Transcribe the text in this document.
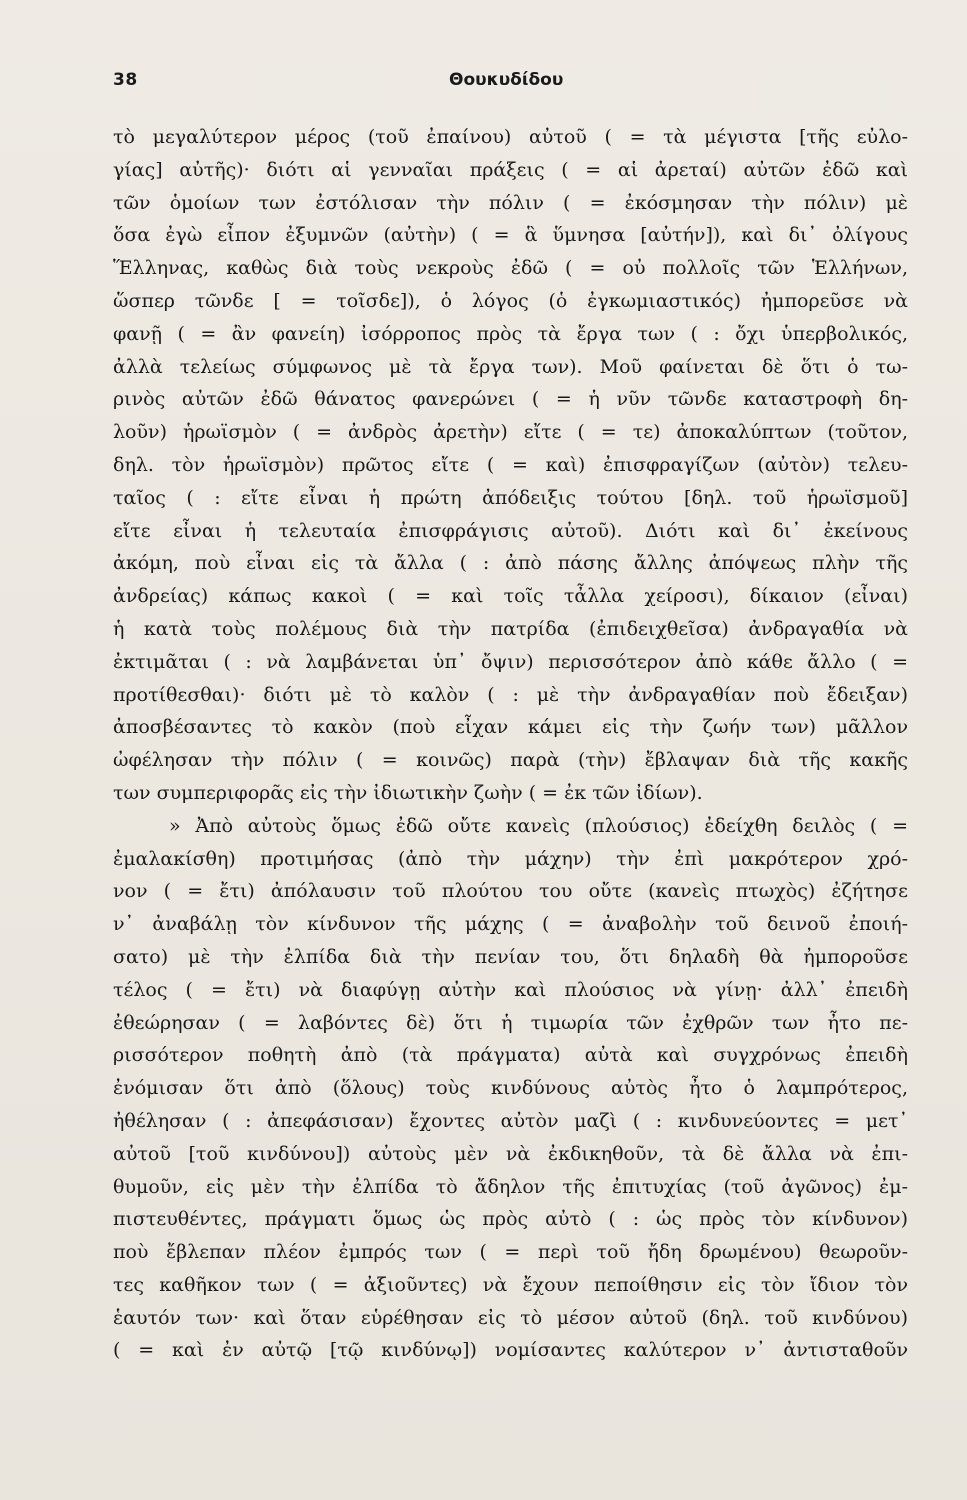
38	Θουκυδίδου
τὸ μεγαλύτερον μέρος (τοῦ ἐπαίνου) αὐτοῦ ( = τὰ μέγιστα [τῆς εὐλο-
γίας] αὐτῆς)· διότι αἱ γενναῖαι πράξεις ( = αἱ ἀρεταί) αὐτῶν ἐδῶ καὶ
τῶν ὁμοίων των ἐστόλισαν τὴν πόλιν ( = ἐκόσμησαν τὴν πόλιν) μὲ
ὅσα ἐγὼ εἶπον ἐξυμνῶν (αὐτὴν) ( = ἃ ὕμνησα [αὐτήν]), καὶ δι᾽ ὀλίγους
Ἕλληνας, καθὼς διὰ τοὺς νεκροὺς ἐδῶ ( = οὐ πολλοῖς τῶν Ἑλλήνων,
ὥσπερ τῶνδε [ = τοῖσδε]), ὁ λόγος (ὁ ἐγκωμιαστικός) ἠμπορεῦσε νὰ
φανῇ ( = ἂν φανείη) ἰσόρροπος πρὸς τὰ ἔργα των ( : ὄχι ὑπερβολικός,
ἀλλὰ τελείως σύμφωνος μὲ τὰ ἔργα των). Μοῦ φαίνεται δὲ ὅτι ὁ τω-
ρινὸς αὐτῶν ἐδῶ θάνατος φανερώνει ( = ἡ νῦν τῶνδε καταστροφὴ δη-
λοῦν) ἡρωϊσμὸν ( = ἀνδρὸς ἀρετὴν) εἴτε ( = τε) ἀποκαλύπτων (τοῦτον,
δηλ. τὸν ἡρωϊσμὸν) πρῶτος εἴτε ( = καὶ) ἐπισφραγίζων (αὐτὸν) τελευ-
ταῖος ( : εἴτε εἶναι ἡ πρώτη ἀπόδειξις τούτου [δηλ. τοῦ ἡρωϊσμοῦ]
εἴτε εἶναι ἡ τελευταία ἐπισφράγισις αὐτοῦ). Διότι καὶ δι᾽ ἐκείνους
ἀκόμη, ποὺ εἶναι εἰς τὰ ἄλλα ( : ἀπὸ πάσης ἄλλης ἀπόψεως πλὴν τῆς
ἀνδρείας) κάπως κακοὶ ( = καὶ τοῖς τἆλλα χείροσι), δίκαιον (εἶναι)
ἡ κατὰ τοὺς πολέμους διὰ τὴν πατρίδα (ἐπιδειχθεῖσα) ἀνδραγαθία νὰ
ἐκτιμᾶται ( : νὰ λαμβάνεται ὑπ᾽ ὄψιν) περισσότερον ἀπὸ κάθε ἄλλο ( =
προτίθεσθαι)· διότι μὲ τὸ καλὸν ( : μὲ τὴν ἀνδραγαθίαν ποὺ ἔδειξαν)
ἀποσβέσαντες τὸ κακὸν (ποὺ εἶχαν κάμει εἰς τὴν ζωήν των) μᾶλλον
ὠφέλησαν τὴν πόλιν ( = κοινῶς) παρὰ (τὴν) ἔβλαψαν διὰ τῆς κακῆς
των συμπεριφορᾶς εἰς τὴν ἰδιωτικὴν ζωὴν ( = ἐκ τῶν ἰδίων).
» Ἀπὸ αὐτοὺς ὅμως ἐδῶ οὔτε κανεὶς (πλούσιος) ἐδείχθη δειλὸς ( =
ἐμαλακίσθη) προτιμήσας (ἀπὸ τὴν μάχην) τὴν ἐπὶ μακρότερον χρό-
νον ( = ἔτι) ἀπόλαυσιν τοῦ πλούτου του οὔτε (κανεὶς πτωχὸς) ἐζήτησε
ν᾽ ἀναβάλῃ τὸν κίνδυνον τῆς μάχης ( = ἀναβολὴν τοῦ δεινοῦ ἐποιή-
σατο) μὲ τὴν ἐλπίδα διὰ τὴν πενίαν του, ὅτι δηλαδὴ θὰ ἠμποροῦσε
τέλος ( = ἔτι) νὰ διαφύγῃ αὐτὴν καὶ πλούσιος νὰ γίνῃ· ἀλλ᾽ ἐπειδὴ
ἐθεώρησαν ( = λαβόντες δὲ) ὅτι ἡ τιμωρία τῶν ἐχθρῶν των ἦτο πε-
ρισσότερον ποθητὴ ἀπὸ (τὰ πράγματα) αὐτὰ καὶ συγχρόνως ἐπειδὴ
ἐνόμισαν ὅτι ἀπὸ (ὅλους) τοὺς κινδύνους αὐτὸς ἦτο ὁ λαμπρότερος,
ἠθέλησαν ( : ἀπεφάσισαν) ἔχοντες αὐτὸν μαζὶ ( : κινδυνεύοντες = μετ᾽
αὐτοῦ [τοῦ κινδύνου]) αὐτοὺς μὲν νὰ ἐκδικηθοῦν, τὰ δὲ ἄλλα νὰ ἐπι-
θυμοῦν, εἰς μὲν τὴν ἐλπίδα τὸ ἄδηλον τῆς ἐπιτυχίας (τοῦ ἀγῶνος) ἐμ-
πιστευθέντες, πράγματι ὅμως ὡς πρὸς αὐτὸ ( : ὡς πρὸς τὸν κίνδυνον)
ποὺ ἔβλεπαν πλέον ἐμπρός των ( = περὶ τοῦ ἤδη δρωμένου) θεωροῦν-
τες καθῆκον των ( = ἀξιοῦντες) νὰ ἔχουν πεποίθησιν εἰς τὸν ἴδιον τὸν
ἑαυτόν των· καὶ ὅταν εὑρέθησαν εἰς τὸ μέσον αὐτοῦ (δηλ. τοῦ κινδύνου)
( = καὶ ἐν αὐτῷ [τῷ κινδύνῳ]) νομίσαντες καλύτερον ν᾽ ἀντισταθοῦν
